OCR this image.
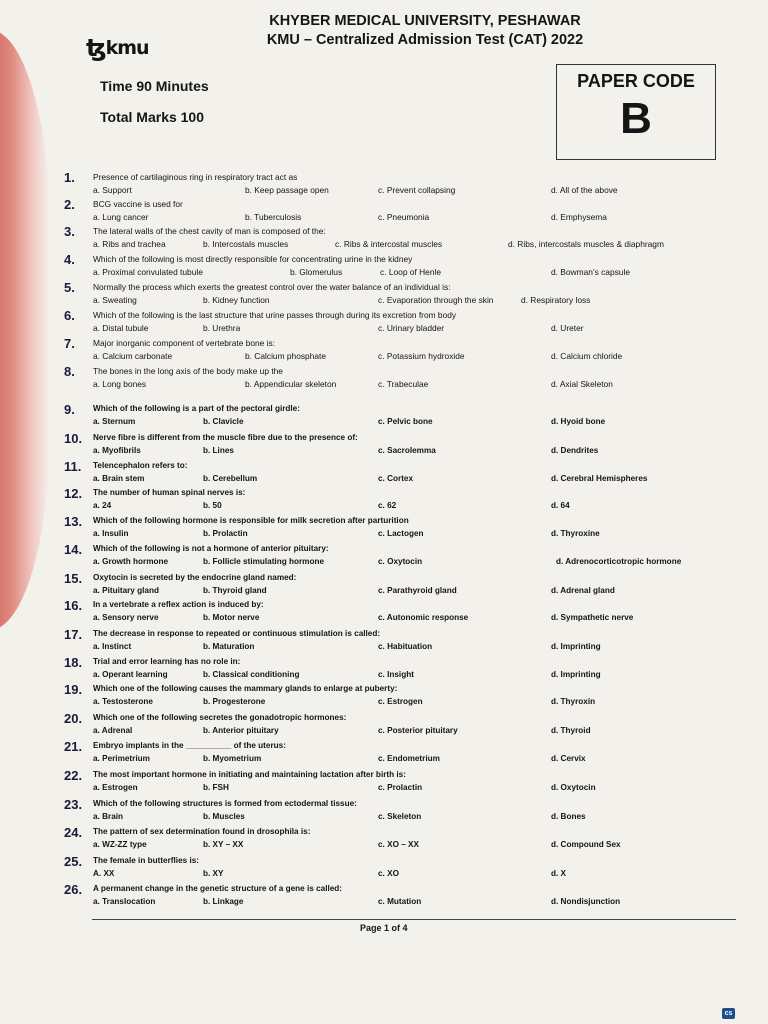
ꜩkmu
KHYBER MEDICAL UNIVERSITY, PESHAWAR
KMU – Centralized Admission Test (CAT) 2022
Time 90 Minutes
Total Marks 100
PAPER CODE
B
1.	Presence of cartilaginous ring in respiratory tract act as
a. Support	b. Keep passage open	c. Prevent collapsing	d. All of the above
2.	BCG vaccine is used for
a. Lung cancer	b. Tuberculosis	c. Pneumonia	d. Emphysema
3.	The lateral walls of the chest cavity of man is composed of the:
a. Ribs and trachea	b. Intercostals muscles	c. Ribs & intercostal muscles	d. Ribs, intercostals muscles & diaphragm
4.	Which of the following is most directly responsible for concentrating urine in the kidney
a. Proximal convulated tubule	b. Glomerulus	c. Loop of Henle	d. Bowman’s capsule
5.	Normally the process which exerts the greatest control over the water balance of an individual is:
a. Sweating	b. Kidney function	c. Evaporation through the skin	d. Respiratory loss
6.	Which of the following is the last structure that urine passes through during its excretion from body
a. Distal tubule	b. Urethra	c. Urinary bladder	d. Ureter
7.	Major inorganic component of vertebrate bone is:
a. Calcium carbonate	b. Calcium phosphate	c. Potassium hydroxide	d. Calcium chloride
8.	The bones in the long axis of the body make up the
a. Long bones	b. Appendicular skeleton	c. Trabeculae	d. Axial Skeleton
9.	Which of the following is a part of the pectoral girdle:
a. Sternum	b. Clavicle	c. Pelvic bone	d. Hyoid bone
10.	Nerve fibre is different from the muscle fibre due to the presence of:
a. Myofibrils	b. Lines	c. Sacrolemma	d. Dendrites
11.	Telencephalon refers to:
a. Brain stem	b. Cerebellum	c. Cortex	d. Cerebral Hemispheres
12.	The number of human spinal nerves is:
a. 24	b. 50	c. 62	d. 64
13.	Which of the following hormone is responsible for milk secretion after parturition
a. Insulin	b. Prolactin	c. Lactogen	d. Thyroxine
14.	Which of the following is not a hormone of anterior pituitary:
a. Growth hormone	b. Follicle stimulating hormone	c. Oxytocin	d. Adrenocorticotropic hormone
15.	Oxytocin is secreted by the endocrine gland named:
a. Pituitary gland	b. Thyroid gland	c. Parathyroid gland	d. Adrenal gland
16.	In a vertebrate a reflex action is induced by:
a. Sensory nerve	b. Motor nerve	c. Autonomic response	d. Sympathetic nerve
17.	The decrease in response to repeated or continuous stimulation is called:
a. Instinct	b. Maturation	c. Habituation	d. Imprinting
18.	Trial and error learning has no role in:
a. Operant learning	b. Classical conditioning	c. Insight	d. Imprinting
19.	Which one of the following causes the mammary glands to enlarge at puberty:
a. Testosterone	b. Progesterone	c. Estrogen	d. Thyroxin
20.	Which one of the following secretes the gonadotropic hormones:
a. Adrenal	b. Anterior pituitary	c. Posterior pituitary	d. Thyroid
21.	Embryo implants in the __________ of the uterus:
a. Perimetrium	b. Myometrium	c. Endometrium	d. Cervix
22.	The most important hormone in initiating and maintaining lactation after birth is:
a. Estrogen	b. FSH	c. Prolactin	d. Oxytocin
23.	Which of the following structures is formed from ectodermal tissue:
a. Brain	b. Muscles	c. Skeleton	d. Bones
24.	The pattern of sex determination found in drosophila is:
a. WZ-ZZ type	b. XY – XX	c. XO – XX	d. Compound Sex
25.	The female in butterflies is:
A. XX	b. XY	c. XO	d. X
26.	A permanent change in the genetic structure of a gene is called:
a. Translocation	b. Linkage	c. Mutation	d. Nondisjunction
Page 1 of 4
cs
